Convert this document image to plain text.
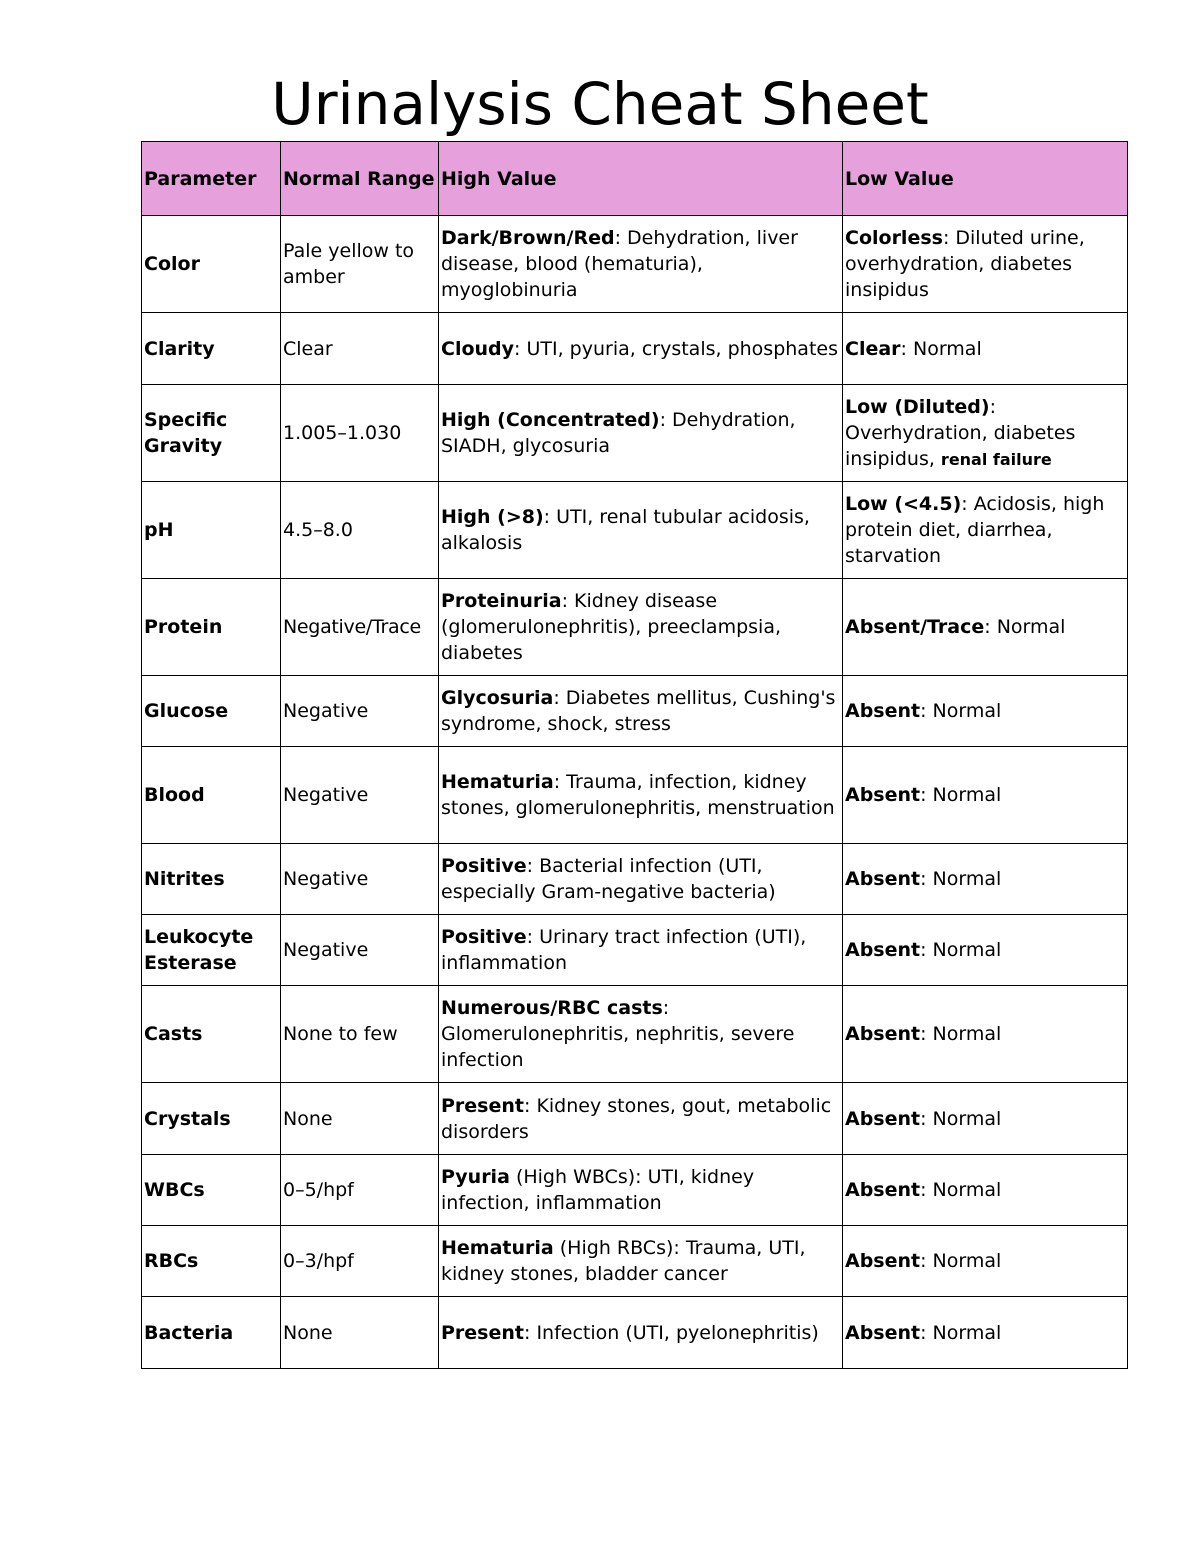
Urinalysis Cheat Sheet
Parameter	Normal Range	High Value	Low Value
Color	Pale yellow to amber	Dark/Brown/Red: Dehydration, liver disease, blood (hematuria), myoglobinuria	Colorless: Diluted urine, overhydration, diabetes insipidus
Clarity	Clear	Cloudy: UTI, pyuria, crystals, phosphates	Clear: Normal
Specific Gravity	1.005–1.030	High (Concentrated): Dehydration, SIADH, glycosuria	Low (Diluted): Overhydration, diabetes insipidus, renal failure
pH	4.5–8.0	High (>8): UTI, renal tubular acidosis, alkalosis	Low (<4.5): Acidosis, high protein diet, diarrhea, starvation
Protein	Negative/Trace	Proteinuria: Kidney disease (glomerulonephritis), preeclampsia, diabetes	Absent/Trace: Normal
Glucose	Negative	Glycosuria: Diabetes mellitus, Cushing's syndrome, shock, stress	Absent: Normal
Blood	Negative	Hematuria: Trauma, infection, kidney stones, glomerulonephritis, menstruation	Absent: Normal
Nitrites	Negative	Positive: Bacterial infection (UTI, especially Gram-negative bacteria)	Absent: Normal
Leukocyte Esterase	Negative	Positive: Urinary tract infection (UTI), inflammation	Absent: Normal
Casts	None to few	Numerous/RBC casts: Glomerulonephritis, nephritis, severe infection	Absent: Normal
Crystals	None	Present: Kidney stones, gout, metabolic disorders	Absent: Normal
WBCs	0–5/hpf	Pyuria (High WBCs): UTI, kidney infection, inflammation	Absent: Normal
RBCs	0–3/hpf	Hematuria (High RBCs): Trauma, UTI, kidney stones, bladder cancer	Absent: Normal
Bacteria	None	Present: Infection (UTI, pyelonephritis)	Absent: Normal
